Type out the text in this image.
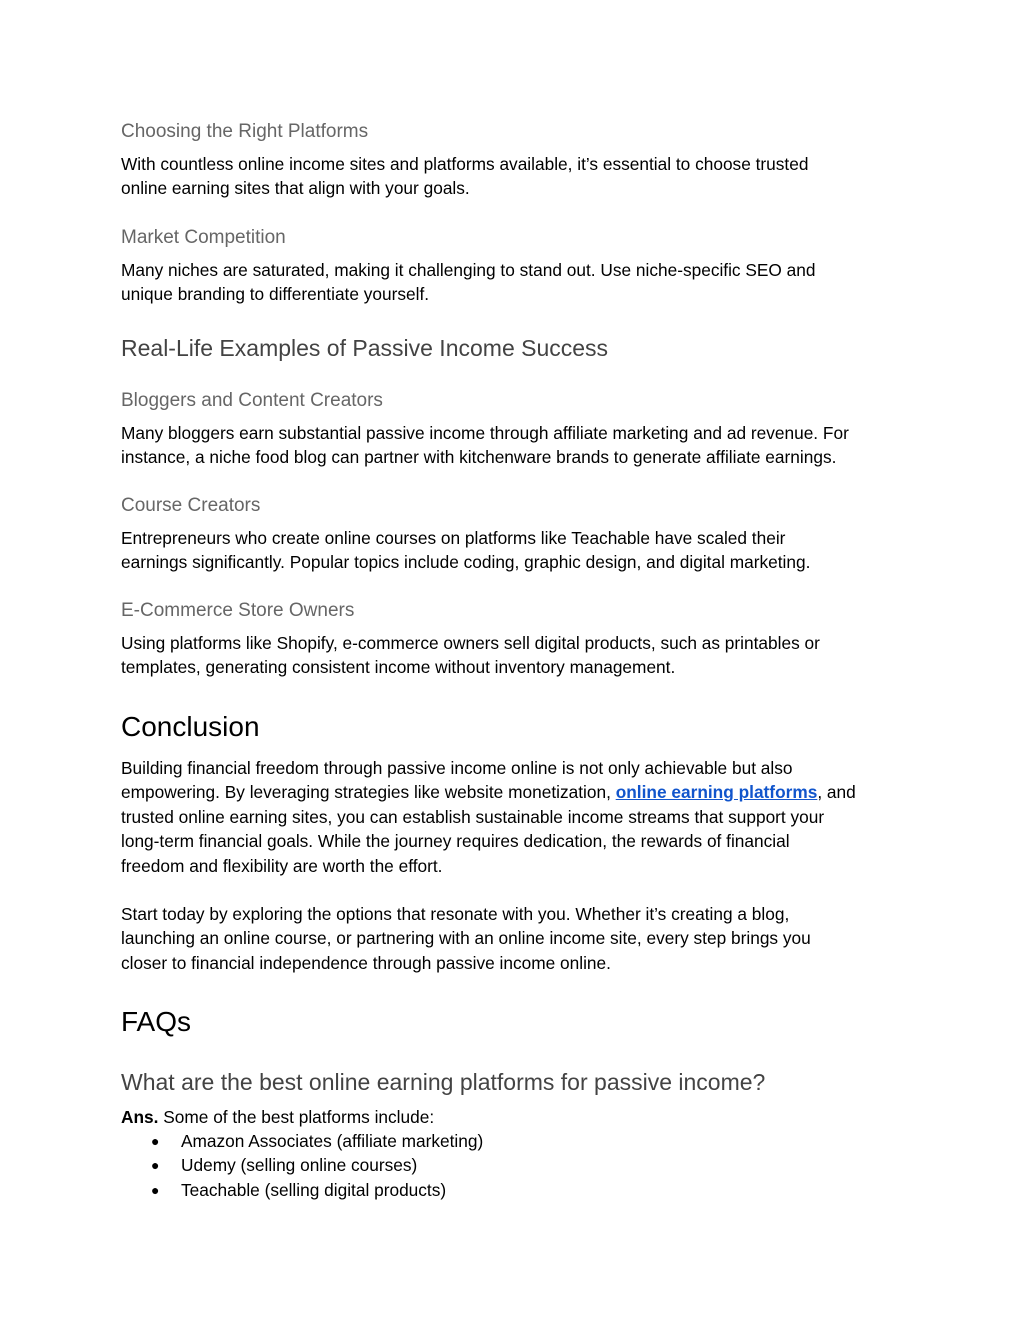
Choosing the Right Platforms
With countless online income sites and platforms available, it’s essential to choose trusted
online earning sites that align with your goals.
Market Competition
Many niches are saturated, making it challenging to stand out. Use niche-specific SEO and
unique branding to differentiate yourself.
Real-Life Examples of Passive Income Success
Bloggers and Content Creators
Many bloggers earn substantial passive income through affiliate marketing and ad revenue. For
instance, a niche food blog can partner with kitchenware brands to generate affiliate earnings.
Course Creators
Entrepreneurs who create online courses on platforms like Teachable have scaled their
earnings significantly. Popular topics include coding, graphic design, and digital marketing.
E-Commerce Store Owners
Using platforms like Shopify, e-commerce owners sell digital products, such as printables or
templates, generating consistent income without inventory management.
Conclusion
Building financial freedom through passive income online is not only achievable but also
empowering. By leveraging strategies like website monetization, online earning platforms, and
trusted online earning sites, you can establish sustainable income streams that support your
long-term financial goals. While the journey requires dedication, the rewards of financial
freedom and flexibility are worth the effort.
Start today by exploring the options that resonate with you. Whether it’s creating a blog,
launching an online course, or partnering with an online income site, every step brings you
closer to financial independence through passive income online.
FAQs
What are the best online earning platforms for passive income?
Ans. Some of the best platforms include:
● Amazon Associates (affiliate marketing)
● Udemy (selling online courses)
● Teachable (selling digital products)
